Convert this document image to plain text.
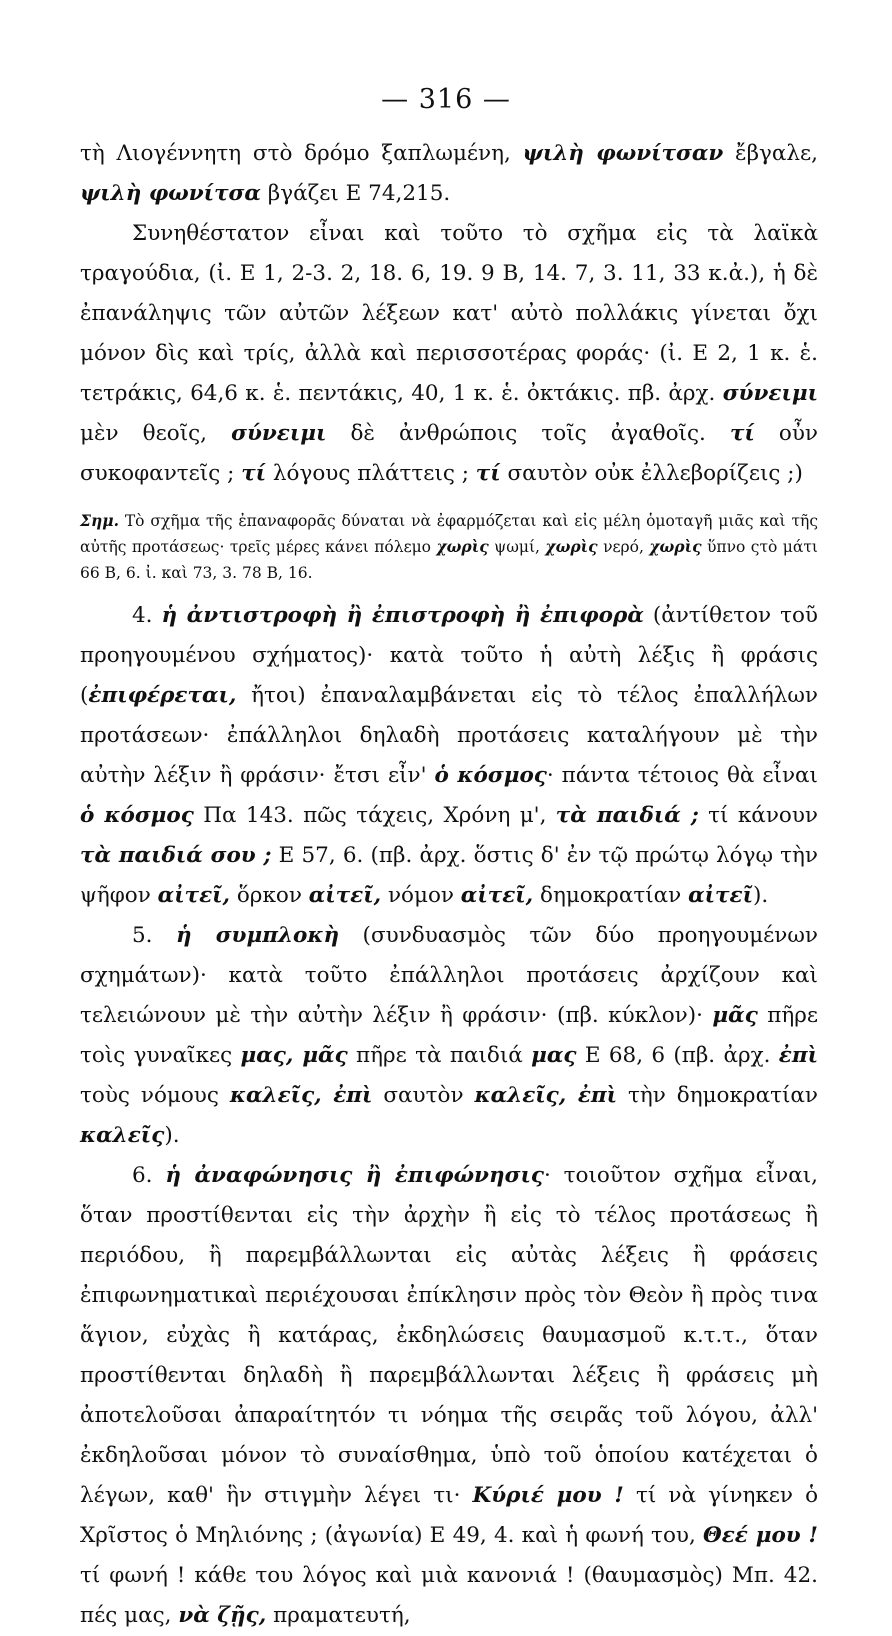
— 316 —

τὴ Λιογέννητη στὸ δρόμο ξαπλωμένη, ψιλὴ φωνίτσαν ἔβγαλε, ψιλὴ φωνίτσα βγάζει Ε 74,215.

Συνηθέστατον εἶναι καὶ τοῦτο τὸ σχῆμα εἰς τὰ λαϊκὰ τραγούδια, (ἰ. Ε 1, 2-3. 2, 18. 6, 19. 9 Β, 14. 7, 3. 11, 33 κ.ἀ.), ἡ δὲ ἐπανάληψις τῶν αὐτῶν λέξεων κατ' αὐτὸ πολλάκις γίνεται ὄχι μόνον δὶς καὶ τρίς, ἀλλὰ καὶ περισσοτέρας φοράς· (ἰ. Ε 2, 1 κ. ἑ. τετράκις, 64,6 κ. ἑ. πεντάκις, 40, 1 κ. ἑ. ὀκτάκις. πβ. ἀρχ. σύνειμι μὲν θεοῖς, σύνειμι δὲ ἀνθρώποις τοῖς ἀγαθοῖς. τί οὖν συκοφαντεῖς ; τί λόγους πλάττεις ; τί σαυτὸν οὐκ ἐλλεβορίζεις ;)

Σημ. Τὸ σχῆμα τῆς ἐπαναφορᾶς δύναται νὰ ἐφαρμόζεται καὶ εἰς μέλη ὁμοταγῆ μιᾶς καὶ τῆς αὐτῆς προτάσεως· τρεῖς μέρες κάνει πόλεμο χωρὶς ψωμί, χωρὶς νερό, χωρὶς ὕπνο ςτὸ μάτι 66 Β, 6. ἰ. καὶ 73, 3. 78 Β, 16.

4. ἡ ἀντιστροφὴ ἢ ἐπιστροφὴ ἢ ἐπιφορὰ (ἀντίθετον τοῦ προηγουμένου σχήματος)· κατὰ τοῦτο ἡ αὐτὴ λέξις ἢ φράσις (ἐπιφέρεται, ἤτοι) ἐπαναλαμβάνεται εἰς τὸ τέλος ἐπαλλήλων προτάσεων· ἐπάλληλοι δηλαδὴ προτάσεις καταλήγουν μὲ τὴν αὐτὴν λέξιν ἢ φράσιν· ἔτσι εἶν' ὁ κόσμος· πάντα τέτοιος θὰ εἶναι ὁ κόσμος Πα 143. πῶς τάχεις, Χρόνη μ', τὰ παιδιά ; τί κάνουν τὰ παιδιά σου ; Ε 57, 6. (πβ. ἀρχ. ὅστις δ' ἐν τῷ πρώτῳ λόγῳ τὴν ψῆφον αἰτεῖ, ὅρκον αἰτεῖ, νόμον αἰτεῖ, δημοκρατίαν αἰτεῖ).

5. ἡ συμπλοκὴ (συνδυασμὸς τῶν δύο προηγουμένων σχημάτων)· κατὰ τοῦτο ἐπάλληλοι προτάσεις ἀρχίζουν καὶ τελειώνουν μὲ τὴν αὐτὴν λέξιν ἢ φράσιν· (πβ. κύκλον)· μᾶς πῆρε τοὶς γυναῖκες μας, μᾶς πῆρε τὰ παιδιά μας Ε 68, 6 (πβ. ἀρχ. ἐπὶ τοὺς νόμους καλεῖς, ἐπὶ σαυτὸν καλεῖς, ἐπὶ τὴν δημοκρατίαν καλεῖς).

6. ἡ ἀναφώνησις ἢ ἐπιφώνησις· τοιοῦτον σχῆμα εἶναι, ὅταν προστίθενται εἰς τὴν ἀρχὴν ἢ εἰς τὸ τέλος προτάσεως ἢ περιόδου, ἢ παρεμβάλλωνται εἰς αὐτὰς λέξεις ἢ φράσεις ἐπιφωνηματικαὶ περιέχουσαι ἐπίκλησιν πρὸς τὸν Θεὸν ἢ πρὸς τινα ἅγιον, εὐχὰς ἢ κατάρας, ἐκδηλώσεις θαυμασμοῦ κ.τ.τ., ὅταν προστίθενται δηλαδὴ ἢ παρεμβάλλωνται λέξεις ἢ φράσεις μὴ ἀποτελοῦσαι ἀπαραίτητόν τι νόημα τῆς σειρᾶς τοῦ λόγου, ἀλλ' ἐκδηλοῦσαι μόνον τὸ συναίσθημα, ὑπὸ τοῦ ὁποίου κατέχεται ὁ λέγων, καθ' ἣν στιγμὴν λέγει τι· Κύριέ μου ! τί νὰ γίνηκεν ὁ Χρῖστος ὁ Μηλιόνης ; (ἀγωνία) Ε 49, 4. καὶ ἡ φωνή του, Θεέ μου ! τί φωνή ! κάθε του λόγος καὶ μιὰ κανονιά ! (θαυμασμὸς) Μπ. 42. πές μας, νὰ ζῇς, πραματευτή,
